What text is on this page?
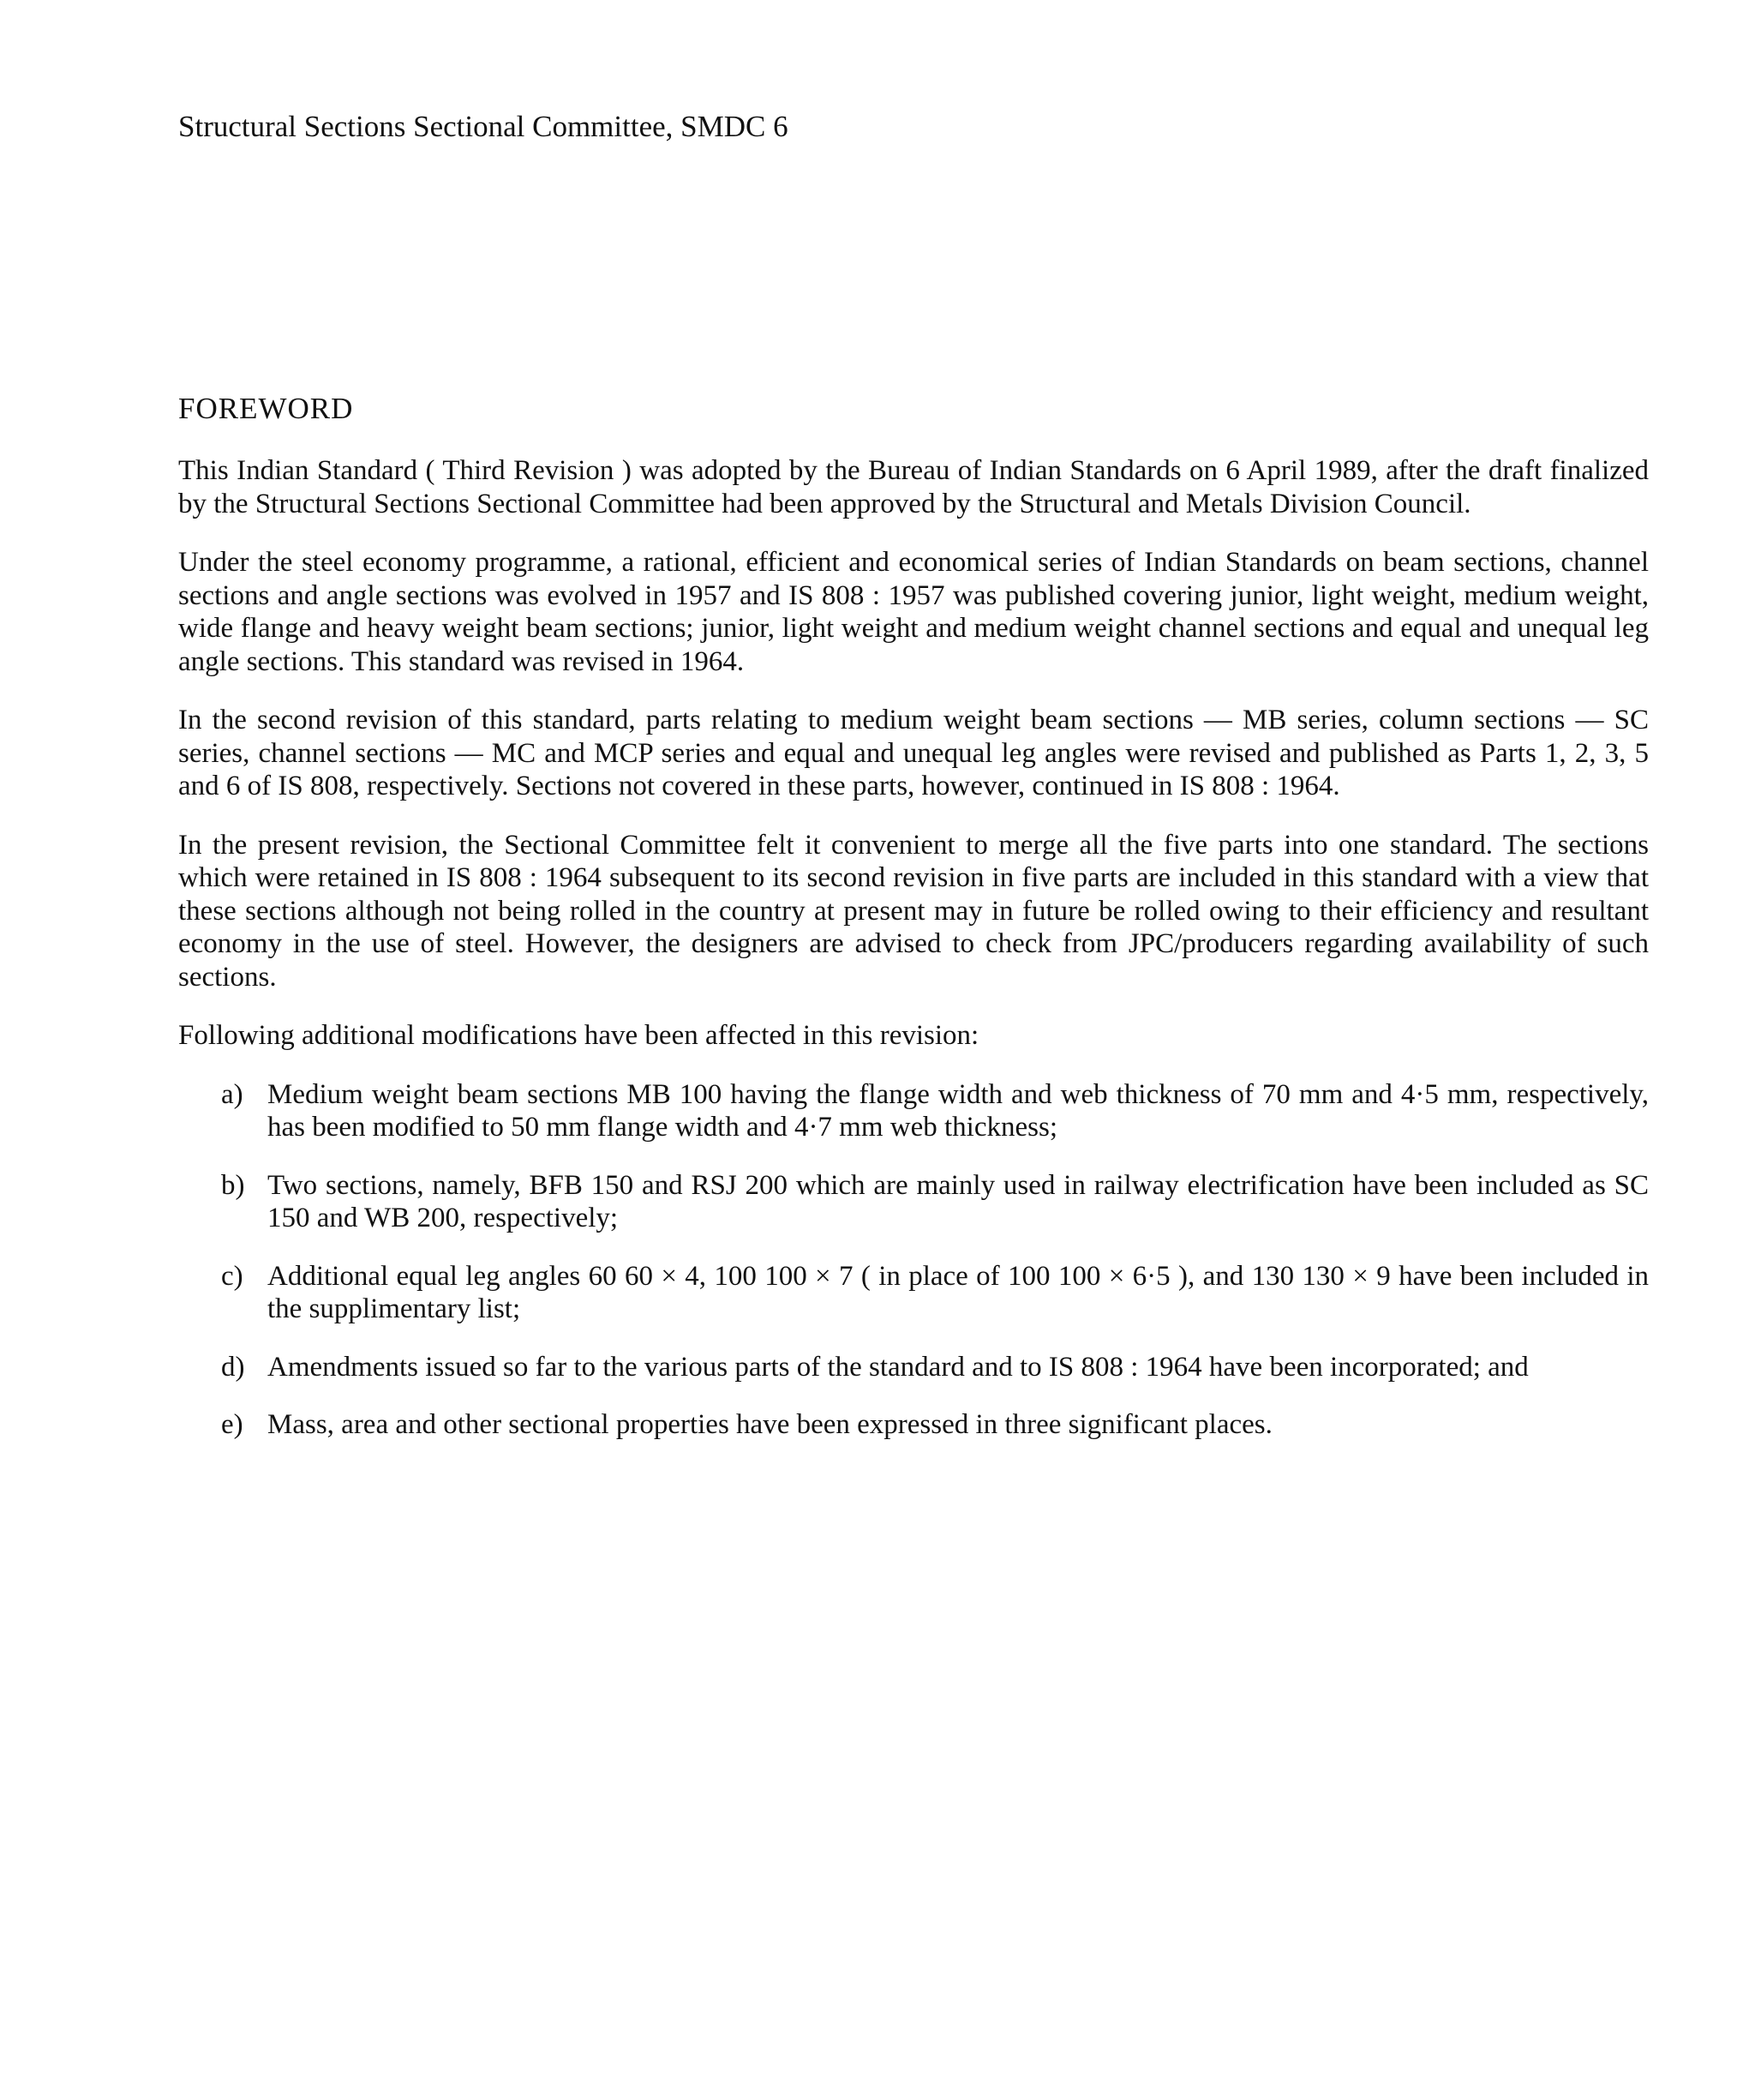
Structural Sections Sectional Committee, SMDC 6
FOREWORD

This Indian Standard ( Third Revision ) was adopted by the Bureau of Indian Standards on 6 April 1989, after the draft finalized by the Structural Sections Sectional Committee had been approved by the Structural and Metals Division Council.

Under the steel economy programme, a rational, efficient and economical series of Indian Standards on beam sections, channel sections and angle sections was evolved in 1957 and IS 808 : 1957 was published covering junior, light weight, medium weight, wide flange and heavy weight beam sections; junior, light weight and medium weight channel sections and equal and unequal leg angle sections. This standard was revised in 1964.

In the second revision of this standard, parts relating to medium weight beam sections — MB series, column sections — SC series, channel sections — MC and MCP series and equal and unequal leg angles were revised and published as Parts 1, 2, 3, 5 and 6 of IS 808, respectively. Sections not covered in these parts, however, continued in IS 808 : 1964.

In the present revision, the Sectional Committee felt it convenient to merge all the five parts into one standard. The sections which were retained in IS 808 : 1964 subsequent to its second revision in five parts are included in this standard with a view that these sections although not being rolled in the country at present may in future be rolled owing to their efficiency and resultant economy in the use of steel. However, the designers are advised to check from JPC/producers regarding availability of such sections.

Following additional modifications have been affected in this revision:

a) Medium weight beam sections MB 100 having the flange width and web thickness of 70 mm and 4·5 mm, respectively, has been modified to 50 mm flange width and 4·7 mm web thickness;
b) Two sections, namely, BFB 150 and RSJ 200 which are mainly used in railway electrification have been included as SC 150 and WB 200, respectively;
c) Additional equal leg angles 60 60 × 4, 100 100 × 7 ( in place of 100 100 × 6·5 ), and 130 130 × 9 have been included in the supplimentary list;
d) Amendments issued so far to the various parts of the standard and to IS 808 : 1964 have been incorporated; and
e) Mass, area and other sectional properties have been expressed in three significant places.
